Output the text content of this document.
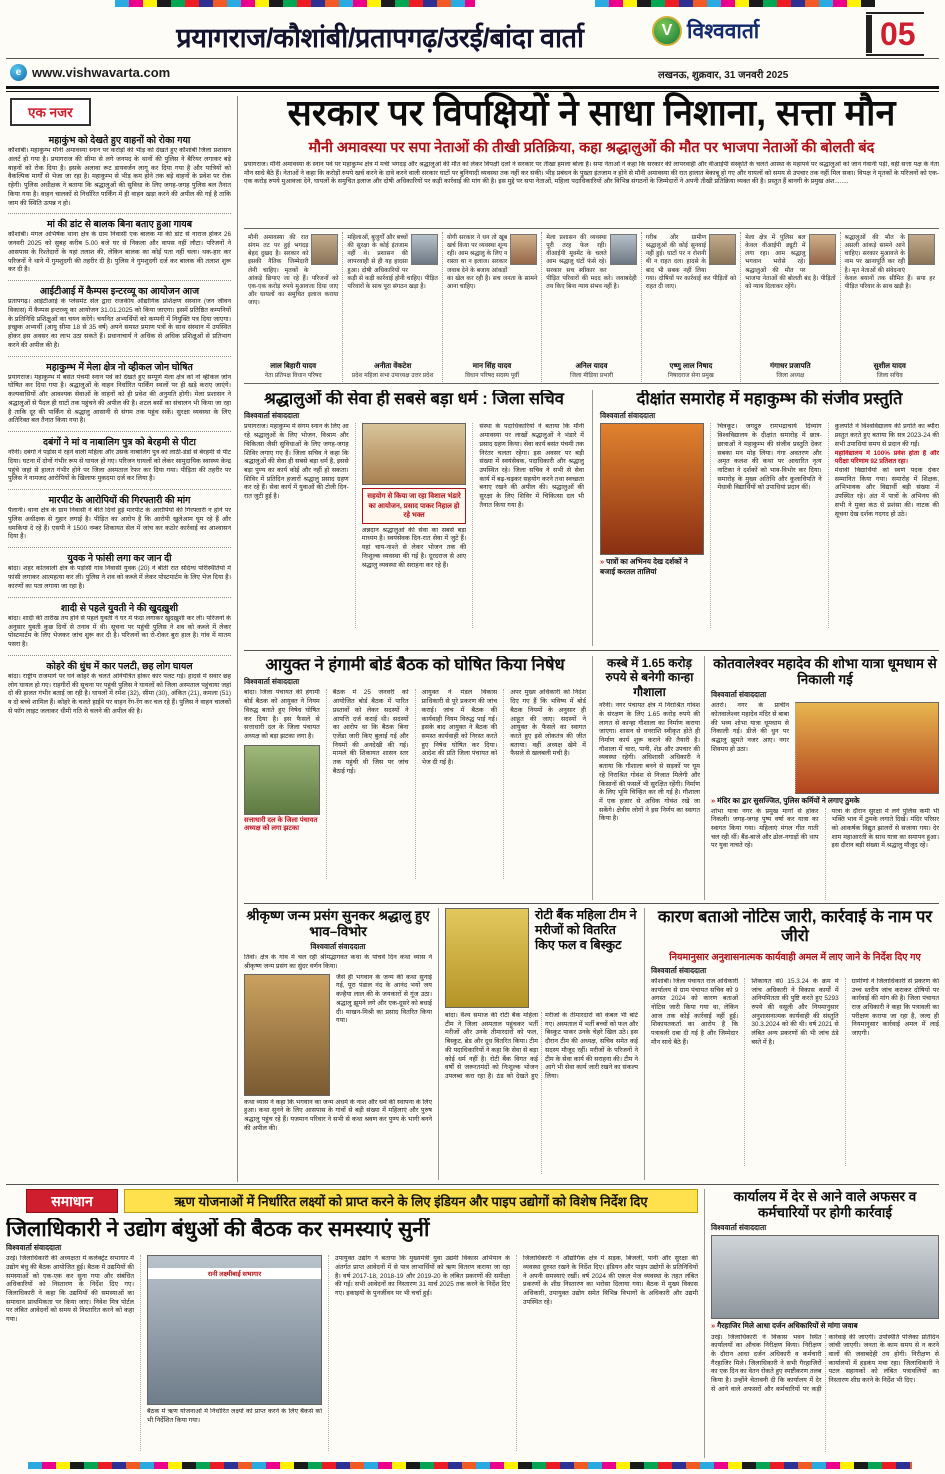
प्रयागराज/कौशांबी/प्रतापगढ़/उरई/बांदा वार्ता	V विश्ववार्ता	05
e www.vishwavarta.com	लखनऊ, शुक्रवार, 31 जनवरी 2025
एक नजर
महाकुंभ को देखते हुए वाहनों को रोका गया
कौशांबी। महाकुम्भ मौनी अमावस्या स्नान पर करोड़ों की भीड़ को देखते हुए कौशांबी जिला प्रशासन अलर्ट हो गया है। प्रयागराज की सीमा से लगे जनपद के थानों की पुलिस ने बैरियर लगाकर बड़े वाहनों को रोक दिया है। इसके अलावा रूट डायवर्जन लागू कर दिया गया है और यात्रियों को वैकल्पिक मार्गों से भेजा जा रहा है। महाकुम्भ से भीड़ कम होने तक बड़े वाहनों के प्रवेश पर रोक रहेगी। पुलिस अधीक्षक ने बताया कि श्रद्धालुओं की सुविधा के लिए जगह-जगह पुलिस बल तैनात किया गया है। वाहन चालकों से निर्धारित पार्किंग में ही वाहन खड़ा करने की अपील की गई है ताकि जाम की स्थिति उत्पन्न न हो।
मां की डांट से बालक बिना बताए हुआ गायब
कौशांबी। मंगल अभिषेक थाना क्षेत्र के ग्राम निवासी एक बालक मां की डांट से नाराज होकर 26 जनवरी 2025 को सुबह करीब 5.00 बजे घर से निकला और वापस नहीं लौटा। परिजनों ने आसपास के रिश्तेदारों के यहां तलाश की, लेकिन बालक का कोई पता नहीं चला। थक-हार कर परिजनों ने थाने में गुमशुदगी की तहरीर दी है। पुलिस ने गुमशुदगी दर्ज कर बालक की तलाश शुरू कर दी है।
आईटीआई में कैम्पस इन्टरव्यू का आयोजन आज
प्रतापगढ़। आईटीआई के प्लेसमेंट सेल द्वारा राजकीय औद्योगिक प्रशिक्षण संस्थान (जन जीवन विकास) में कैम्पस इन्टरव्यू का आयोजन 31.01.2025 को किया जाएगा। इसमें प्रतिष्ठित कम्पनियों के प्रतिनिधि प्रशिक्षुओं का चयन करेंगे। चयनित अभ्यर्थियों को कम्पनी में नियुक्ति पत्र दिया जाएगा। इच्छुक अभ्यर्थी (आयु सीमा 18 से 35 वर्ष) अपने समस्त प्रमाण पत्रों के साथ संस्थान में उपस्थित होकर इस अवसर का लाभ उठा सकते हैं। प्रधानाचार्य ने अधिक से अधिक प्रशिक्षुओं से प्रतिभाग करने की अपील की है।
महाकुम्भ में मेला क्षेत्र नो व्हीकल जोन घोषित
प्रयागराज। महाकुम्भ में बसंत पंचमी स्नान पर्व को देखते हुए सम्पूर्ण मेला क्षेत्र को नो व्हीकल जोन घोषित कर दिया गया है। श्रद्धालुओं के वाहन निर्धारित पार्किंग स्थलों पर ही खड़े कराए जाएंगे। कल्पवासियों और आवश्यक सेवाओं के वाहनों को ही प्रवेश की अनुमति होगी। मेला प्रशासन ने श्रद्धालुओं से पैदल ही घाटों तक पहुंचने की अपील की है। शटल बसों का संचालन भी किया जा रहा है ताकि दूर की पार्किंग से श्रद्धालु आसानी से संगम तक पहुंच सकें। सुरक्षा व्यवस्था के लिए अतिरिक्त बल तैनात किया गया है।
दबंगों ने मां व नाबालिग पुत्र को बेरहमी से पीटा
नरैनी। दबंगों ने पड़ोस में रहने वाली महिला और उसके नाबालिग पुत्र को लाठी-डंडों से बेरहमी से पीट दिया। घटना में दोनों गंभीर रूप से घायल हो गए। परिजन घायलों को लेकर सामुदायिक स्वास्थ्य केन्द्र पहुंचे जहां से हालत गंभीर होने पर जिला अस्पताल रेफर कर दिया गया। पीड़िता की तहरीर पर पुलिस ने नामजद आरोपियों के खिलाफ मुकदमा दर्ज कर लिया है।
मारपीट के आरोपियों की गिरफ्तारी की मांग
पैलानी। थाना क्षेत्र के ग्राम निवासी ने बीते दिनों हुई मारपीट के आरोपियों की गिरफ्तारी न होने पर पुलिस अधीक्षक से गुहार लगाई है। पीड़ित का आरोप है कि आरोपी खुलेआम घूम रहे हैं और धमकियां दे रहे हैं। एसपी ने 1500 नम्बर शिकायत सेल में जांच कर कठोर कार्रवाई का आश्वासन दिया है।
युवक ने फांसी लगा कर जान दी
बांदा। शहर कोतवाली क्षेत्र के पड़ोसी गांव निवासी युवक (20) ने बीती रात संदिग्ध परिस्थितियों में फांसी लगाकर आत्महत्या कर ली। पुलिस ने शव को कब्जे में लेकर पोस्टमार्टम के लिए भेज दिया है। कारणों का पता लगाया जा रहा है।
शादी से पहले युवती ने की खुदख़ुशी
बांदा। शादी की तारीख तय होने से पहले युवती ने घर में फंदा लगाकर खुदख़ुशी कर ली। परिजनों के अनुसार युवती कुछ दिनों से तनाव में थी। सूचना पर पहुंची पुलिस ने शव को कब्जे में लेकर पोस्टमार्टम के लिए भेजकर जांच शुरू कर दी है। परिजनों का रो-रोकर बुरा हाल है। गांव में मातम पसरा है।
कोहरे की धुंध में कार पलटी, छह लोग घायल
बांदा। राष्ट्रीय राजमार्ग पर घने कोहरे के चलते अनियंत्रित होकर कार पलट गई। हादसे में सवार छह लोग घायल हो गए। राहगीरों की सूचना पर पहुंची पुलिस ने घायलों को जिला अस्पताल पहुंचाया जहां दो की हालत गंभीर बताई जा रही है। घायलों में रमेश (32), सीमा (30), अंकित (21), कमला (51) व दो बच्चे शामिल हैं। कोहरे के चलते हाईवे पर वाहन रेंग-रेंग कर चल रहे हैं। पुलिस ने वाहन चालकों से फॉग लाइट जलाकर धीमी गति से चलने की अपील की है।
सरकार पर विपक्षियों ने साधा निशाना, सत्ता मौन
मौनी अमावस्या पर सपा नेताओं की तीखी प्रतिक्रिया, कहा श्रद्धालुओं की मौत पर भाजपा नेताओं की बोलती बंद
प्रयागराज। मौनी अमावस्या के स्नान पर्व पर महाकुम्भ क्षेत्र में मची भगदड़ और श्रद्धालुओं की मौत को लेकर विपक्षी दलों ने सरकार पर तीखा हमला बोला है। सपा नेताओं ने कहा कि सरकार की लापरवाही और वीआईपी संस्कृति के चलते आस्था के महापर्व पर श्रद्धालुओं को जान गंवानी पड़ी, वहीं सत्ता पक्ष के नेता मौन साधे बैठे हैं। नेताओं ने कहा कि करोड़ों रुपये खर्च करने के दावे करने वाली सरकार घाटों पर बुनियादी व्यवस्था तक नहीं कर सकी। भीड़ प्रबंधन के पुख्ता इंतजाम न होने से मौनी अमावस्या की रात हालात बेकाबू हो गए और घायलों को समय से उपचार तक नहीं मिल सका। विपक्ष ने मृतकों के परिजनों को एक-एक करोड़ रुपये मुआवजा देने, घायलों के समुचित इलाज और दोषी अधिकारियों पर कड़ी कार्रवाई की मांग की है। इस मुद्दे पर सपा नेताओं, महिला पदाधिकारियों और विभिन्न संगठनों के जिम्मेदारों ने अपनी तीखी प्रतिक्रिया व्यक्त की है। प्रस्तुत हैं बानगी के प्रमुख अंश........
मौनी अमावस्या की रात संगम तट पर हुई भगदड़ बेहद दुखद है। सरकार को इसकी नैतिक जिम्मेदारी लेनी चाहिए। मृतकों के आंकड़े छिपाए जा रहे हैं। परिजनों को एक-एक करोड़ रुपये मुआवजा दिया जाए और घायलों का समुचित इलाज कराया जाए।
लाल बिहारी यादव
नेता प्रतिपक्ष विधान परिषद
महिलाओं, बुजुर्गों और बच्चों की सुरक्षा के कोई इंतजाम नहीं थे। प्रशासन की लापरवाही से ही यह हादसा हुआ। दोषी अधिकारियों पर कड़ी से कड़ी कार्रवाई होनी चाहिए। पीड़ित परिवारों के साथ पूरा संगठन खड़ा है।
अनीता वेंकटेश
प्रदेश महिला सभा उपाध्यक्ष उत्तर प्रदेश
योगी सरकार ने धन तो खूब खर्च किया पर व्यवस्था शून्य रही। आम श्रद्धालु के लिए न रास्ता था न इलाज। सरकार जवाब देने के बजाय आंकड़ों का खेल कर रही है। सच जनता के सामने आना चाहिए।
मान सिंह यादव
विधान परिषद सदस्य पूर्वी
मेला प्रशासन की व्यवस्था पूरी तरह फेल रही। वीआईपी मूवमेंट के चलते आम श्रद्धालु घंटों फंसे रहे। सरकार सच स्वीकार कर पीड़ित परिवारों की मदद करे। जवाबदेही तय किए बिना न्याय संभव नहीं है।
अनिल यादव
जिला मीडिया प्रभारी
गरीब और ग्रामीण श्रद्धालुओं की कोई सुनवाई नहीं हुई। घाटों पर न रोशनी थी न राहत दल। हादसे के बाद भी सबक नहीं लिया गया। दोषियों पर कार्रवाई कर पीड़ितों को राहत दी जाए।
एष्णु लाल निषाद
निषादराज सेना प्रमुख
मेला क्षेत्र में पुलिस बल केवल वीआईपी ड्यूटी में लगा रहा। आम श्रद्धालु भगवान भरोसे रहे। श्रद्धालुओं की मौत पर भाजपा नेताओं की बोलती बंद है। पीड़ितों को न्याय दिलाकर रहेंगे।
गंगाधर प्रजापति
जिला अध्यक्ष
श्रद्धालुओं की मौत के असली आंकड़े सामने आने चाहिए। सरकार मुआवजे के नाम पर खानापूर्ति कर रही है। मृत नेताओं की संवेदनाएं केवल बयानों तक सीमित हैं। सपा हर पीड़ित परिवार के साथ खड़ी है।
सुशील यादव
जिला सचिव
श्रद्धालुओं की सेवा ही सबसे बड़ा धर्म : जिला सचिव
विश्ववार्ता संवाददाता
प्रयागराज। महाकुम्भ में संगम स्नान के लिए आ रहे श्रद्धालुओं के लिए भोजन, विश्राम और चिकित्सा जैसी सुविधाओं के लिए जगह-जगह शिविर लगाए गए हैं। जिला सचिव ने कहा कि श्रद्धालुओं की सेवा ही सबसे बड़ा धर्म है, इससे बड़ा पुण्य का कार्य कोई और नहीं हो सकता। शिविर में प्रतिदिन हजारों श्रद्धालु प्रसाद ग्रहण कर रहे हैं। सेवा कार्य में युवाओं की टोली दिन-रात जुटी हुई है।	सहयोग से किया जा रहा विशाल भंडारे का आयोजन, प्रसाद पाकर निहाल हो रहे भक्त
अन्नदान श्रद्धालुओं की सेवा का सबसे बड़ा माध्यम है। स्वयंसेवक दिन-रात सेवा में जुटे हैं। यहां चाय-नाश्ते से लेकर भोजन तक की निःशुल्क व्यवस्था की गई है। दूरदराज से आए श्रद्धालु व्यवस्था की सराहना कर रहे हैं।
संस्था के पदाधिकारियों ने बताया कि मौनी अमावस्या पर लाखों श्रद्धालुओं ने भंडारे में प्रसाद ग्रहण किया। सेवा कार्य बसंत पंचमी तक निरंतर चलता रहेगा। इस अवसर पर बड़ी संख्या में स्वयंसेवक, पदाधिकारी और श्रद्धालु उपस्थित रहे। जिला सचिव ने सभी से सेवा कार्य में बढ़-चढ़कर सहयोग करने तथा स्वच्छता बनाए रखने की अपील की। श्रद्धालुओं की सुरक्षा के लिए शिविर में चिकित्सा दल भी तैनात किया गया है।
दीक्षांत समारोह में महाकुम्भ की संजीव प्रस्तुति
विश्ववार्ता संवाददाता
» पात्रों का अभिनय देख दर्शकों ने बजाई करतल तालियां
चित्रकूट। जगद्गुरु रामभद्राचार्य दिव्यांग विश्वविद्यालय के दीक्षांत समारोह में छात्र-छात्राओं ने महाकुम्भ की संजीव प्रस्तुति देकर सबका मन मोह लिया। गंगा अवतरण और अमृत कलश की कथा पर आधारित नृत्य नाटिका ने दर्शकों को भाव-विभोर कर दिया। समारोह के मुख्य अतिथि और कुलाधिपति ने मेधावी विद्यार्थियों को उपाधियां प्रदान कीं।
कुलपति ने विश्वविद्यालय की प्रगति का ब्यौरा प्रस्तुत करते हुए बताया कि सत्र 2023-24 की सभी उपाधियां समय से प्रदान की गईं।
महाविद्यालय में 100% प्रवेश होता है और परीक्षा परिणाम 92 प्रतिशत रहा।
मेधावी विद्यार्थियों को स्वर्ण पदक देकर सम्मानित किया गया। समारोह में शिक्षक, अभिभावक और विद्यार्थी बड़ी संख्या में उपस्थित रहे। अंत में पात्रों के अभिनय की सभी ने मुक्त कंठ से प्रशंसा की। नाटक की सूचना देख दर्शक गदगद हो उठे।
आयुक्त ने हंगामी बोर्ड बैठक को घोषित किया निषेध
विश्ववार्ता संवाददाता
बांदा। जिला पंचायत की हंगामी बोर्ड बैठक को आयुक्त ने नियम विरुद्ध बताते हुए निषेध घोषित कर दिया है। इस फैसले से सत्ताधारी दल के जिला पंचायत अध्यक्ष को बड़ा झटका लगा है।
सत्ताधारी दल के जिला पंचायत अध्यक्ष को लगा झटका
बैठक में 25 जनवरी को आयोजित बोर्ड बैठक में पारित प्रस्तावों को लेकर सदस्यों ने आपत्ति दर्ज कराई थी। सदस्यों का आरोप था कि बैठक बिना एजेंडा जारी किए बुलाई गई और नियमों की अनदेखी की गई। मामले की शिकायत शासन स्तर तक पहुंची थी जिस पर जांच बैठाई गई।
आयुक्त ने मंडल विकास प्राधिकारी से पूरे प्रकरण की जांच कराई। जांच में बैठक की कार्यवाही नियम विरुद्ध पाई गई। इसके बाद आयुक्त ने बैठक की समस्त कार्यवाही को निरस्त करते हुए निषेध घोषित कर दिया। आदेश की प्रति जिला पंचायत को भेज दी गई है।
अपर मुख्य अधिकारी को निर्देश दिए गए हैं कि भविष्य में बोर्ड बैठक नियमों के अनुसार ही आहूत की जाए। सदस्यों ने आयुक्त के फैसले का स्वागत करते हुए इसे लोकतंत्र की जीत बताया। वहीं अध्यक्ष खेमे में फैसले से खलबली मची है।
कस्बे में 1.65 करोड़ रुपये से बनेगी कान्हा गौशाला
नरैनी। नगर पंचायत क्षेत्र में निराश्रित गोवंश के संरक्षण के लिए 1.65 करोड़ रुपये की लागत से कान्हा गौशाला का निर्माण कराया जाएगा। शासन से धनराशि स्वीकृत होते ही निर्माण कार्य शुरू कराने की तैयारी है। गौशाला में चारा, पानी, शेड और उपचार की व्यवस्था रहेगी। अधिशासी अधिकारी ने बताया कि गौशाला बनने से सड़कों पर घूम रहे निराश्रित गोवंश से निजात मिलेगी और किसानों की फसलें भी सुरक्षित रहेंगी। निर्माण के लिए भूमि चिन्हित कर ली गई है। गौशाला में एक हजार से अधिक गोवंश रखे जा सकेंगे। क्षेत्रीय लोगों ने इस निर्णय का स्वागत किया है।
कोतवालेश्वर महादेव की शोभा यात्रा धूमधाम से निकाली गई
विश्ववार्ता संवाददाता
अतर्रा। नगर के प्राचीन कोतवालेश्वर महादेव मंदिर से बाबा की भव्य शोभा यात्रा धूमधाम से निकाली गई। डीजे की धुन पर श्रद्धालु झूमते नजर आए। नगर शिवमय हो उठा।
» मंदिर का द्वार सुसज्जित, पुलिस कर्मियों ने लगाए ठुमके
शोभा यात्रा नगर के प्रमुख मार्गों से होकर निकली। जगह-जगह पुष्प वर्षा कर यात्रा का स्वागत किया गया। महिलाएं मंगल गीत गाती चल रही थीं। बैंड-बाजे और ढोल-नगाड़ों की थाप पर युवा नाचते रहे।
यात्रा के दौरान सुरक्षा में लगे पुलिस कर्मी भी भक्ति भाव में ठुमके लगाते दिखे। मंदिर परिसर को आकर्षक विद्युत झालरों से सजाया गया। देर शाम महाआरती के साथ यात्रा का समापन हुआ। इस दौरान बड़ी संख्या में श्रद्धालु मौजूद रहे।
श्रीकृष्ण जन्म प्रसंग सुनकर श्रद्धालु हुए भाव–विभोर
विश्ववार्ता संवाददाता
तिर्वा। क्षेत्र के गांव में चल रही श्रीमद्भागवत कथा के पांचवें दिन कथा व्यास ने श्रीकृष्ण जन्म प्रसंग का सुंदर वर्णन किया।
जैसे ही भगवान के जन्म की कथा सुनाई गई, पूरा पंडाल नंद के आनंद भयो जय कन्हैया लाल की के जयकारों से गूंज उठा। श्रद्धालु झूमने लगे और एक-दूसरे को बधाई दी। माखन-मिश्री का प्रसाद वितरित किया गया।
कथा व्यास ने कहा कि भगवान का जन्म अधर्म के नाश और धर्म की स्थापना के लिए हुआ। कथा सुनने के लिए आसपास के गांवों से बड़ी संख्या में महिलाएं और पुरुष श्रद्धालु पहुंच रहे हैं। यजमान परिवार ने सभी से कथा श्रवण कर पुण्य के भागी बनने की अपील की।
रोटी बैंक महिला टीम ने मरीजों को वितरित किए फल व बिस्कुट
बांदा। वैश्य समाज की रोटी बैंक महिला टीम ने जिला अस्पताल पहुंचकर भर्ती मरीजों और उनके तीमारदारों को फल, बिस्कुट, ब्रेड और दूध वितरित किया। टीम की पदाधिकारियों ने कहा कि सेवा से बड़ा कोई धर्म नहीं है। रोटी बैंक विगत कई वर्षों से जरूरतमंदों को निःशुल्क भोजन उपलब्ध करा रहा है। ठंड को देखते हुए मरीजों के तीमारदारों को कंबल भी बांटे गए। अस्पताल में भर्ती बच्चों को फल और बिस्कुट पाकर उनके चेहरे खिल उठे। इस दौरान टीम की अध्यक्ष, सचिव समेत कई सदस्य मौजूद रहीं। मरीजों के परिजनों ने टीम के सेवा कार्य की सराहना की। टीम ने आगे भी सेवा कार्य जारी रखने का संकल्प लिया।
कारण बताओ नोटिस जारी, कार्रवाई के नाम पर जीरो
नियमानुसार अनुशासनात्मक कार्यवाही अमल में लाए जाने के निर्देश दिए गए
विश्ववार्ता संवाददाता
कौशांबी। जिला पंचायत राज अधिकारी कार्यालय से ग्राम पंचायत सचिव को 9 अगस्त 2024 को कारण बताओ नोटिस जारी किया गया था, लेकिन आज तक कोई कार्रवाई नहीं हुई। शिकायतकर्ता का आरोप है कि पत्रावली दबा दी गई है और जिम्मेदार मौन साधे बैठे हैं।
शिकायत सं0 15.3.24 के क्रम में जांच अधिकारी ने विकास कार्यों में अनियमितता की पुष्टि करते हुए 5293 रुपये की वसूली और नियमानुसार अनुशासनात्मक कार्यवाही की संस्तुति 30.3.2024 को की थी। वर्ष 2021 से लंबित अन्य प्रकरणों की भी जांच ठंडे बस्ते में है।
ग्रामीणों ने जिलाधिकारी से प्रकरण की उच्च स्तरीय जांच कराकर दोषियों पर कार्रवाई की मांग की है। जिला पंचायत राज अधिकारी ने कहा कि पत्रावली का परीक्षण कराया जा रहा है, जल्द ही नियमानुसार कार्रवाई अमल में लाई जाएगी।
समाधान	ऋण योजनाओं में निर्धारित लक्ष्यों को प्राप्त करने के लिए इंडियन और पाइप उद्योगों को विशेष निर्देश दिए
जिलाधिकारी ने उद्योग बंधुओं की बैठक कर समस्याएं सुनीं
विश्ववार्ता संवाददाता
उरई। जिलाधिकारी की अध्यक्षता में कलेक्ट्रेट सभागार में उद्योग बंधु की बैठक आयोजित हुई। बैठक में उद्यमियों की समस्याओं को एक-एक कर सुना गया और संबंधित अधिकारियों को निस्तारण के निर्देश दिए गए। जिलाधिकारी ने कहा कि उद्यमियों की समस्याओं का समाधान प्राथमिकता पर किया जाए। निवेश मित्र पोर्टल पर लंबित आवेदनों को समय से निस्तारित करने को कहा गया।
रानी लक्ष्मीबाई सभागार
बैठक में ऋण योजनाओं में निर्धारित लक्ष्यों को प्राप्त करने के लिए बैंकर्स को भी निर्देशित किया गया।
उपायुक्त उद्योग ने बताया कि मुख्यमंत्री युवा उद्यमी विकास अभियान के अंतर्गत प्राप्त आवेदनों में से पात्र लाभार्थियों को ऋण वितरण कराया जा रहा है। वर्ष 2017-18, 2018-19 और 2019-20 के लंबित प्रकरणों की समीक्षा की गई। सभी आवेदनों का निस्तारण 31 मार्च 2025 तक करने के निर्देश दिए गए। इकाइयों के पुनर्जीवन पर भी चर्चा हुई।
जिलाधिकारी ने औद्योगिक क्षेत्र में सड़क, बिजली, पानी और सुरक्षा की व्यवस्था दुरुस्त रखने के निर्देश दिए। इंडियन और पाइप उद्योगों के प्रतिनिधियों ने अपनी समस्याएं रखीं। वर्ष 2024 की एकल मेज व्यवस्था के तहत लंबित प्रकरणों के शीघ्र निस्तारण का भरोसा दिलाया गया। बैठक में मुख्य विकास अधिकारी, उपायुक्त उद्योग समेत विभिन्न विभागों के अधिकारी और उद्यमी उपस्थित रहे।
कार्यालय में देर से आने वाले अफसर व कर्मचारियों पर होगी कार्रवाई
विश्ववार्ता संवाददाता
» गैरहाजिर मिले आधा दर्जन अधिकारियों से मांगा जवाब
उरई। जिलाधिकारी ने विकास भवन स्थित कार्यालयों का औचक निरीक्षण किया। निरीक्षण के दौरान आधा दर्जन अधिकारी व कर्मचारी गैरहाजिर मिले। जिलाधिकारी ने सभी गैरहाजिरों का एक दिन का वेतन रोकते हुए स्पष्टीकरण तलब किया है। उन्होंने चेतावनी दी कि कार्यालय में देर से आने वाले अफसरों और कर्मचारियों पर कड़ी कार्रवाई की जाएगी। उपस्थिति पंजिका प्रतिदिन जांची जाएगी। जनता के काम समय से न करने वालों की जवाबदेही तय होगी। निरीक्षण से कार्यालयों में हड़कंप मचा रहा। जिलाधिकारी ने पटल सहायकों को लंबित पत्रावलियों का निस्तारण शीघ्र करने के निर्देश भी दिए।
